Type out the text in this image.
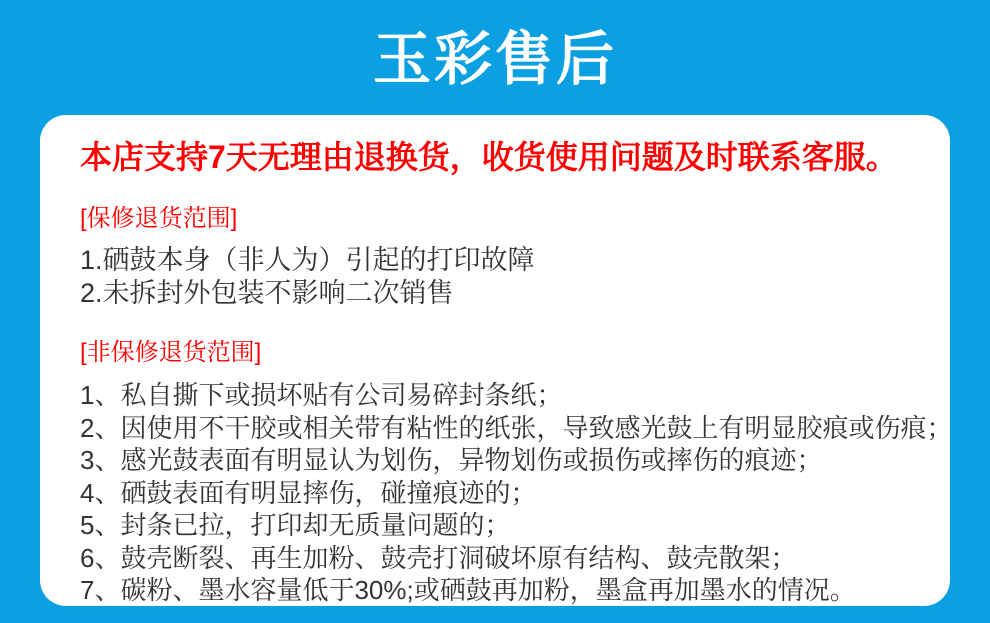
玉彩售后

本店支持7天无理由退换货，收货使用问题及时联系客服。

[保修退货范围]

1.硒鼓本身（非人为）引起的打印故障

2.未拆封外包装不影响二次销售

[非保修退货范围]

1、私自撕下或损坏贴有公司易碎封条纸；

2、因使用不干胶或相关带有粘性的纸张，导致感光鼓上有明显胶痕或伤痕；

3、感光鼓表面有明显认为划伤，异物划伤或损伤或摔伤的痕迹；

4、硒鼓表面有明显摔伤，碰撞痕迹的；

5、封条已拉，打印却无质量问题的；

6、鼓壳断裂、再生加粉、鼓壳打洞破坏原有结构、鼓壳散架；

7、碳粉、墨水容量低于30%;或硒鼓再加粉，墨盒再加墨水的情况。
